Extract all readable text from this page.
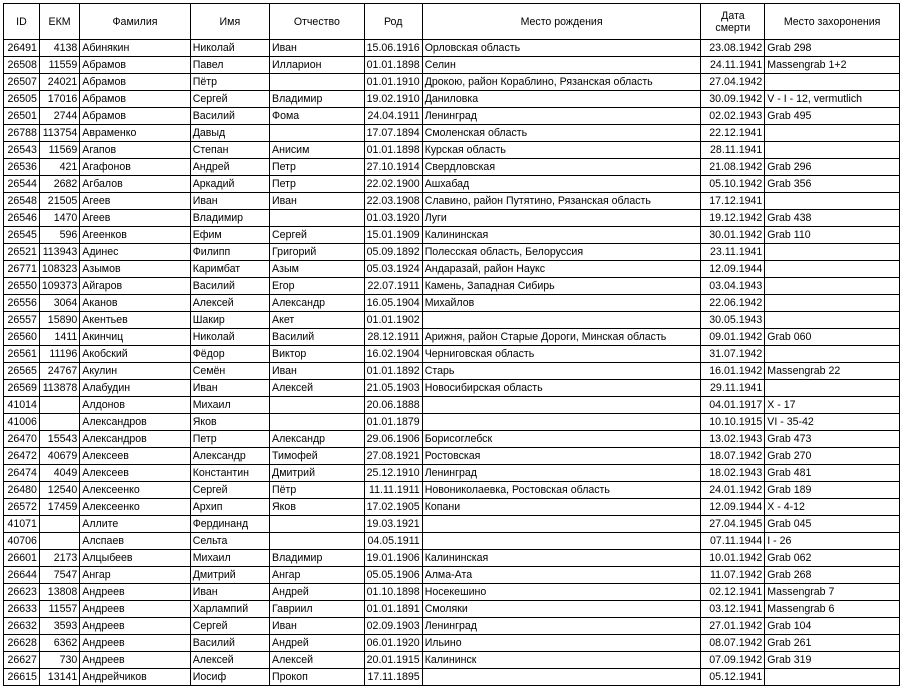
ID	ЕКМ	Фамилия	Имя	Отчество	Род	Место рождения	Дата смерти	Место захоронения
26491	4138	Абинякин	Николай	Иван	15.06.1916	Орловская область	23.08.1942	Grab 298
26508	11559	Абрамов	Павел	Илларион	01.01.1898	Селин	24.11.1941	Massengrab 1+2
26507	24021	Абрамов	Пётр		01.01.1910	Дрокою, район Кораблино, Рязанская область	27.04.1942	
26505	17016	Абрамов	Сергей	Владимир	19.02.1910	Даниловка	30.09.1942	V - I - 12, vermutlich
26501	2744	Абрамов	Василий	Фома	24.04.1911	Ленинград	02.02.1943	Grab 495
26788	113754	Авраменко	Давыд		17.07.1894	Смоленская область	22.12.1941	
26543	11569	Агапов	Степан	Анисим	01.01.1898	Курская область	28.11.1941	
26536	421	Агафонов	Андрей	Петр	27.10.1914	Свердловская	21.08.1942	Grab 296
26544	2682	Агбалов	Аркадий	Петр	22.02.1900	Ашхабад	05.10.1942	Grab 356
26548	21505	Агеев	Иван	Иван	22.03.1908	Славино, район Путятино, Рязанская область	17.12.1941	
26546	1470	Агеев	Владимир		01.03.1920	Луги	19.12.1942	Grab 438
26545	596	Агеенков	Ефим	Сергей	15.01.1909	Калининская	30.01.1942	Grab 110
26521	113943	Адинес	Филипп	Григорий	05.09.1892	Полесская область, Белоруссия	23.11.1941	
26771	108323	Азымов	Каримбат	Азым	05.03.1924	Андаразай, район Наукс	12.09.1944	
26550	109373	Айгаров	Василий	Егор	22.07.1911	Камень, Западная Сибирь	03.04.1943	
26556	3064	Аканов	Алексей	Александр	16.05.1904	Михайлов	22.06.1942	
26557	15890	Акентьев	Шакир	Акет	01.01.1902		30.05.1943	
26560	1411	Акинчиц	Николай	Василий	28.12.1911	Арижня, район Старые Дороги, Минская область	09.01.1942	Grab 060
26561	11196	Акобский	Фёдор	Виктор	16.02.1904	Черниговская область	31.07.1942	
26565	24767	Акулин	Семён	Иван	01.01.1892	Старь	16.01.1942	Massengrab 22
26569	113878	Алабудин	Иван	Алексей	21.05.1903	Новосибирская область	29.11.1941	
41014		Алдонов	Михаил		20.06.1888		04.01.1917	X - 17
41006		Александров	Яков		01.01.1879		10.10.1915	VI - 35-42
26470	15543	Александров	Петр	Александр	29.06.1906	Борисоглебск	13.02.1943	Grab 473
26472	40679	Алексеев	Александр	Тимофей	27.08.1921	Ростовская	18.07.1942	Grab 270
26474	4049	Алексеев	Константин	Дмитрий	25.12.1910	Ленинград	18.02.1943	Grab 481
26480	12540	Алексеенко	Сергей	Пётр	11.11.1911	Новониколаевка, Ростовская область	24.01.1942	Grab 189
26572	17459	Алексеенко	Архип	Яков	17.02.1905	Копани	12.09.1944	X - 4-12
41071		Аллите	Фердинанд		19.03.1921		27.04.1945	Grab 045
40706		Алспаев	Сельта		04.05.1911		07.11.1944	I - 26
26601	2173	Алцыбеев	Михаил	Владимир	19.01.1906	Калининская	10.01.1942	Grab 062
26644	7547	Ангар	Дмитрий	Ангар	05.05.1906	Алма-Ата	11.07.1942	Grab 268
26623	13808	Андреев	Иван	Андрей	01.10.1898	Носекешино	02.12.1941	Massengrab 7
26633	11557	Андреев	Харлампий	Гавриил	01.01.1891	Смоляки	03.12.1941	Massengrab 6
26632	3593	Андреев	Сергей	Иван	02.09.1903	Ленинград	27.01.1942	Grab 104
26628	6362	Андреев	Василий	Андрей	06.01.1920	Ильино	08.07.1942	Grab 261
26627	730	Андреев	Алексей	Алексей	20.01.1915	Калининск	07.09.1942	Grab 319
26615	13141	Андрейчиков	Иосиф	Прокоп	17.11.1895		05.12.1941	
